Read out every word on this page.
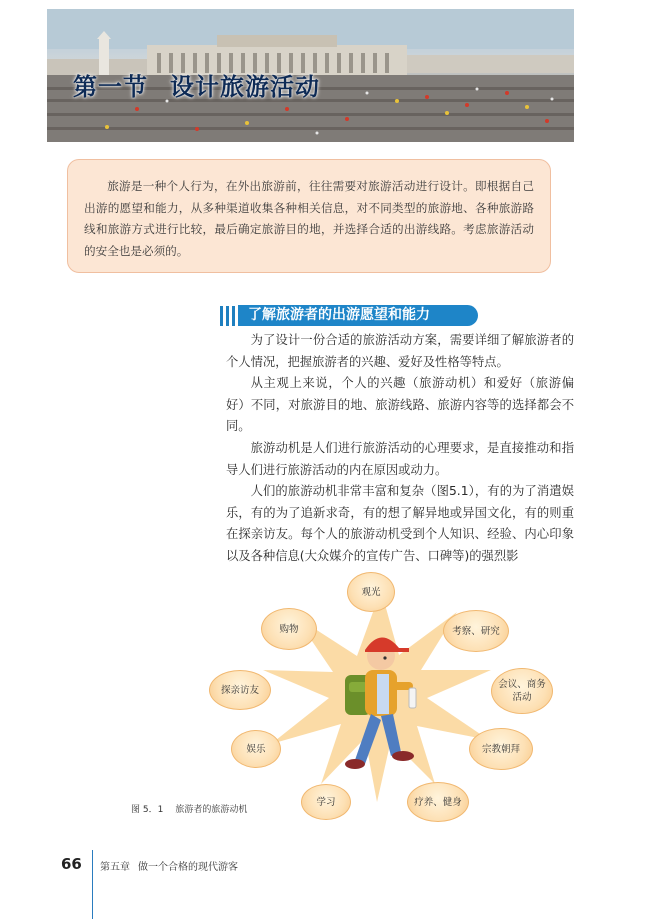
第一节 设计旅游活动

旅游是一种个人行为，在外出旅游前，往往需要对旅游活动进行设计。即根据自己出游的愿望和能力，从多种渠道收集各种相关信息，对不同类型的旅游地、各种旅游路线和旅游方式进行比较，最后确定旅游目的地，并选择合适的出游线路。考虑旅游活动的安全也是必须的。

了解旅游者的出游愿望和能力

为了设计一份合适的旅游活动方案，需要详细了解旅游者的个人情况，把握旅游者的兴趣、爱好及性格等特点。

从主观上来说，个人的兴趣（旅游动机）和爱好（旅游偏好）不同，对旅游目的地、旅游线路、旅游内容等的选择都会不同。

旅游动机是人们进行旅游活动的心理要求，是直接推动和指导人们进行旅游活动的内在原因或动力。

人们的旅游动机非常丰富和复杂（图5.1），有的为了消遣娱乐，有的为了追新求奇，有的想了解异地或异国文化，有的则重在探亲访友。每个人的旅游动机受到个人知识、经验、内心印象以及各种信息(大众媒介的宣传广告、口碑等)的强烈影

观光
考察、研究
会议、商务活动
宗教朝拜
疗养、健身
学习
娱乐
探亲访友
购物
图 5．1 旅游者的旅游动机
66 第五章 做一个合格的现代游客
